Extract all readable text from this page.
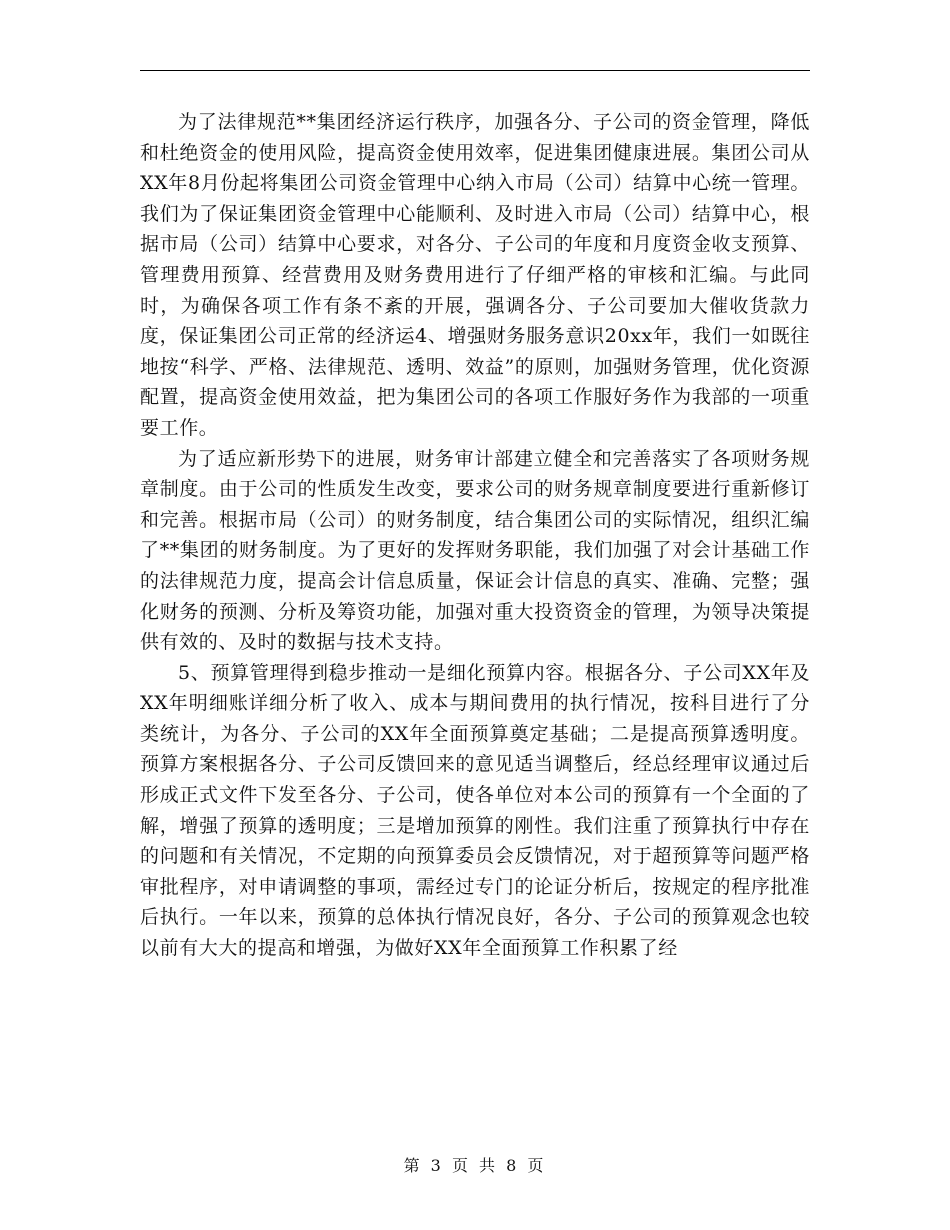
为了法律规范**集团经济运行秩序，加强各分、子公司的资金管理，降低和杜绝资金的使用风险，提高资金使用效率，促进集团健康进展。集团公司从XX年8月份起将集团公司资金管理中心纳入市局（公司）结算中心统一管理。我们为了保证集团资金管理中心能顺利、及时进入市局（公司）结算中心，根据市局（公司）结算中心要求，对各分、子公司的年度和月度资金收支预算、管理费用预算、经营费用及财务费用进行了仔细严格的审核和汇编。与此同时，为确保各项工作有条不紊的开展，强调各分、子公司要加大催收货款力度，保证集团公司正常的经济运4、增强财务服务意识20xx年，我们一如既往地按“科学、严格、法律规范、透明、效益”的原则，加强财务管理，优化资源配置，提高资金使用效益，把为集团公司的各项工作服好务作为我部的一项重要工作。

为了适应新形势下的进展，财务审计部建立健全和完善落实了各项财务规章制度。由于公司的性质发生改变，要求公司的财务规章制度要进行重新修订和完善。根据市局（公司）的财务制度，结合集团公司的实际情况，组织汇编了**集团的财务制度。为了更好的发挥财务职能，我们加强了对会计基础工作的法律规范力度，提高会计信息质量，保证会计信息的真实、准确、完整；强化财务的预测、分析及筹资功能，加强对重大投资资金的管理，为领导决策提供有效的、及时的数据与技术支持。

5、预算管理得到稳步推动一是细化预算内容。根据各分、子公司XX年及XX年明细账详细分析了收入、成本与期间费用的执行情况，按科目进行了分类统计，为各分、子公司的XX年全面预算奠定基础；二是提高预算透明度。预算方案根据各分、子公司反馈回来的意见适当调整后，经总经理审议通过后形成正式文件下发至各分、子公司，使各单位对本公司的预算有一个全面的了解，增强了预算的透明度；三是增加预算的刚性。我们注重了预算执行中存在的问题和有关情况，不定期的向预算委员会反馈情况，对于超预算等问题严格审批程序，对申请调整的事项，需经过专门的论证分析后，按规定的程序批准后执行。一年以来，预算的总体执行情况良好，各分、子公司的预算观念也较以前有大大的提高和增强，为做好XX年全面预算工作积累了经

第 3 页 共 8 页
